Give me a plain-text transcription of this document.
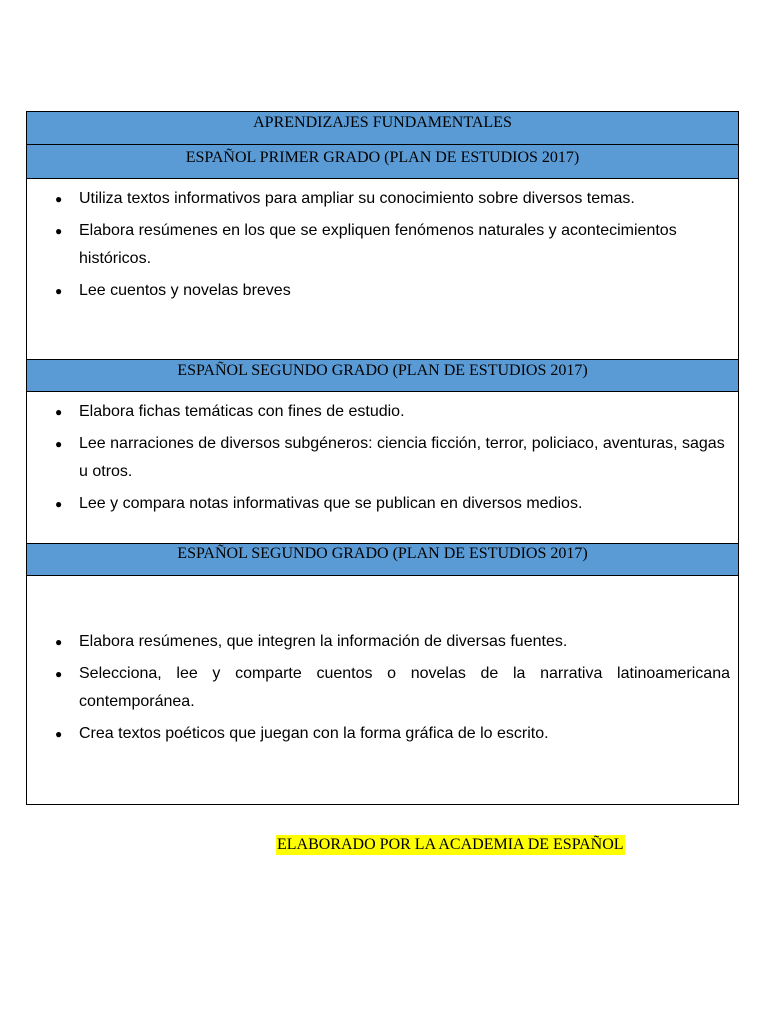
APRENDIZAJES FUNDAMENTALES
ESPAÑOL PRIMER GRADO (PLAN DE ESTUDIOS 2017)
● Utiliza textos informativos para ampliar su conocimiento sobre diversos temas.
● Elabora resúmenes en los que se expliquen fenómenos naturales y acontecimientos históricos.
● Lee cuentos y novelas breves
ESPAÑOL SEGUNDO GRADO (PLAN DE ESTUDIOS 2017)
● Elabora fichas temáticas con fines de estudio.
● Lee narraciones de diversos subgéneros: ciencia ficción, terror, policiaco, aventuras, sagas u otros.
● Lee y compara notas informativas que se publican en diversos medios.
ESPAÑOL SEGUNDO GRADO (PLAN DE ESTUDIOS 2017)
● Elabora resúmenes, que integren la información de diversas fuentes.
● Selecciona, lee y comparte cuentos o novelas de la narrativa latinoamericana contemporánea.
● Crea textos poéticos que juegan con la forma gráfica de lo escrito.
ELABORADO POR LA ACADEMIA DE ESPAÑOL
